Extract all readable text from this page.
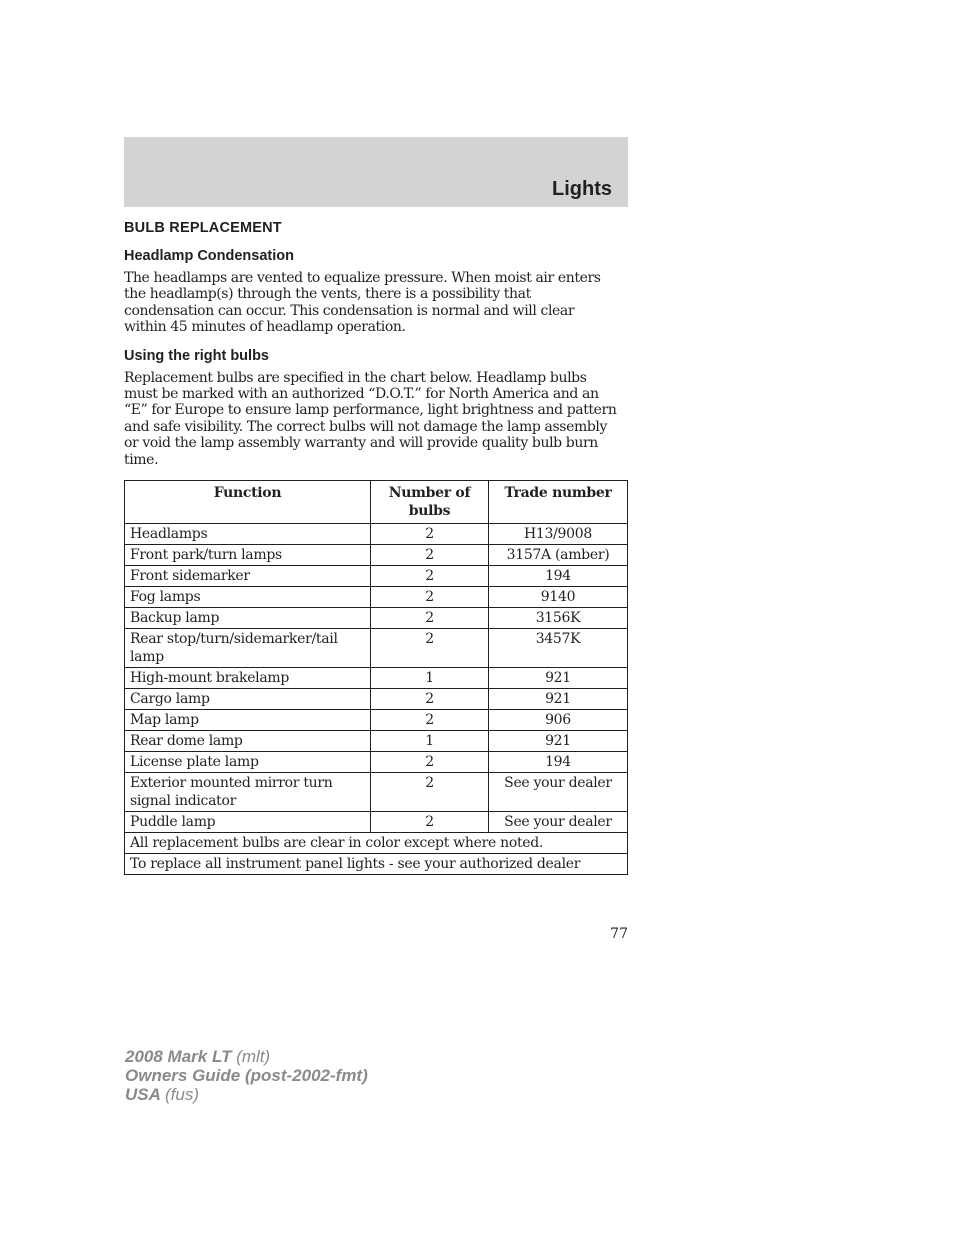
Lights
BULB REPLACEMENT
Headlamp Condensation

The headlamps are vented to equalize pressure. When moist air enters
the headlamp(s) through the vents, there is a possibility that
condensation can occur. This condensation is normal and will clear
within 45 minutes of headlamp operation.

Using the right bulbs

Replacement bulbs are specified in the chart below. Headlamp bulbs
must be marked with an authorized “D.O.T.” for North America and an
“E” for Europe to ensure lamp performance, light brightness and pattern
and safe visibility. The correct bulbs will not damage the lamp assembly
or void the lamp assembly warranty and will provide quality bulb burn
time.

Function	Number of bulbs	Trade number
Headlamps	2	H13/9008
Front park/turn lamps	2	3157A (amber)
Front sidemarker	2	194
Fog lamps	2	9140
Backup lamp	2	3156K
Rear stop/turn/sidemarker/tail lamp	2	3457K
High-mount brakelamp	1	921
Cargo lamp	2	921
Map lamp	2	906
Rear dome lamp	1	921
License plate lamp	2	194
Exterior mounted mirror turn signal indicator	2	See your dealer
Puddle lamp	2	See your dealer
All replacement bulbs are clear in color except where noted.		
To replace all instrument panel lights - see your authorized dealer		
77
2008 Mark LT (mlt)
Owners Guide (post-2002-fmt)
USA (fus)
